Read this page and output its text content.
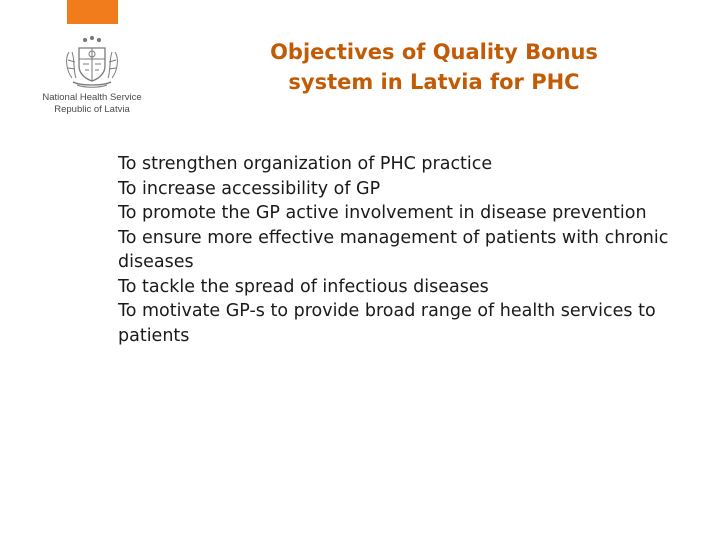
National Health Service
Republic of Latvia
Objectives of Quality Bonus
system in Latvia for PHC
To strengthen organization of PHC practice
To increase accessibility of GP
To promote the GP active involvement in disease prevention
To ensure more effective management of patients with chronic diseases
To tackle the spread of infectious diseases
To motivate GP-s to provide broad range of health services to patients
